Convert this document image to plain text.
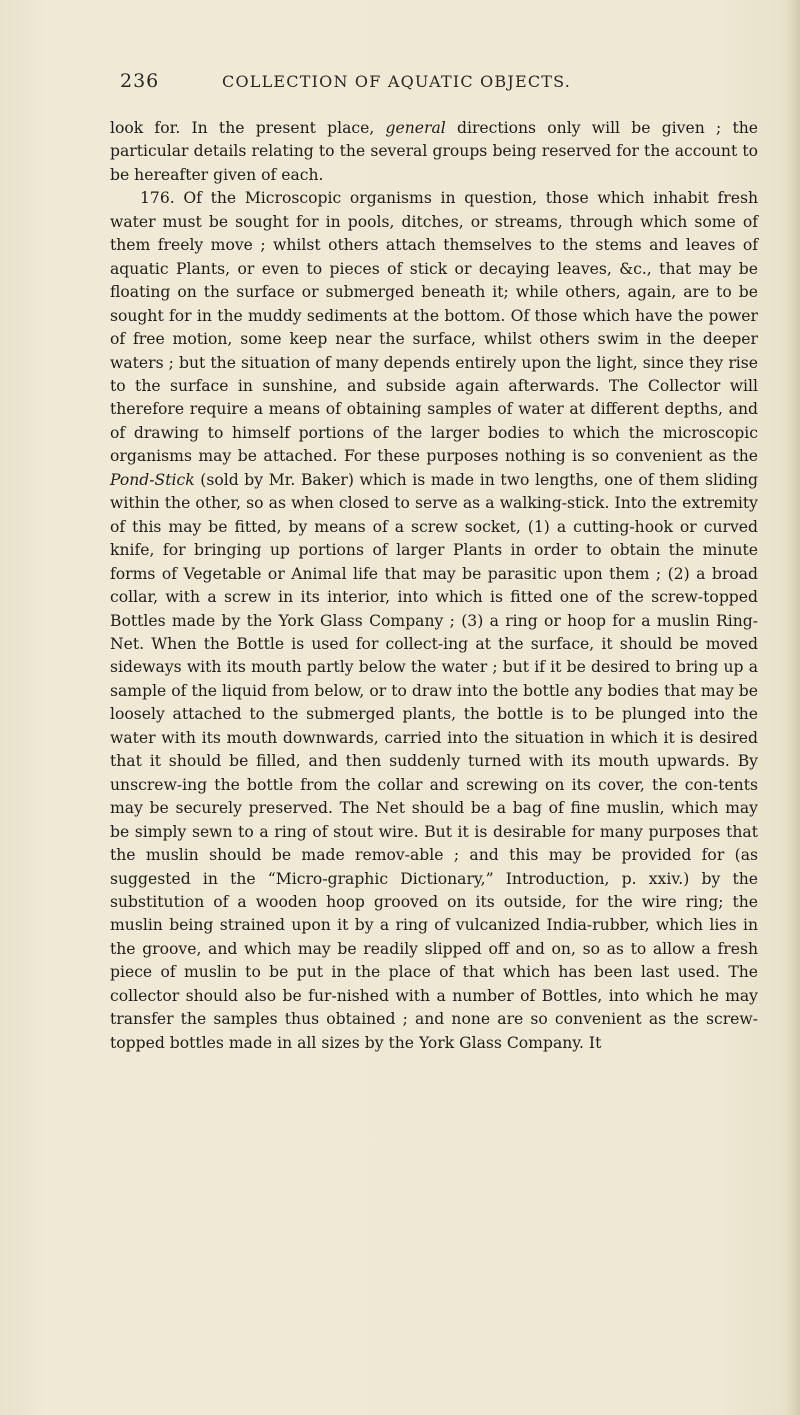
236	COLLECTION OF AQUATIC OBJECTS.

look for. In the present place, general directions only will be given ; the particular details relating to the several groups being reserved for the account to be hereafter given of each.

176. Of the Microscopic organisms in question, those which inhabit fresh water must be sought for in pools, ditches, or streams, through which some of them freely move ; whilst others attach themselves to the stems and leaves of aquatic Plants, or even to pieces of stick or decaying leaves, &c., that may be floating on the surface or submerged beneath it; while others, again, are to be sought for in the muddy sediments at the bottom. Of those which have the power of free motion, some keep near the surface, whilst others swim in the deeper waters ; but the situation of many depends entirely upon the light, since they rise to the surface in sunshine, and subside again afterwards. The Collector will therefore require a means of obtaining samples of water at different depths, and of drawing to himself portions of the larger bodies to which the microscopic organisms may be attached. For these purposes nothing is so convenient as the Pond-Stick (sold by Mr. Baker) which is made in two lengths, one of them sliding within the other, so as when closed to serve as a walking-stick. Into the extremity of this may be fitted, by means of a screw socket, (1) a cutting-hook or curved knife, for bringing up portions of larger Plants in order to obtain the minute forms of Vegetable or Animal life that may be parasitic upon them ; (2) a broad collar, with a screw in its interior, into which is fitted one of the screw-topped Bottles made by the York Glass Company ; (3) a ring or hoop for a muslin Ring-Net. When the Bottle is used for collect-ing at the surface, it should be moved sideways with its mouth partly below the water ; but if it be desired to bring up a sample of the liquid from below, or to draw into the bottle any bodies that may be loosely attached to the submerged plants, the bottle is to be plunged into the water with its mouth downwards, carried into the situation in which it is desired that it should be filled, and then suddenly turned with its mouth upwards. By unscrew-ing the bottle from the collar and screwing on its cover, the con-tents may be securely preserved. The Net should be a bag of fine muslin, which may be simply sewn to a ring of stout wire. But it is desirable for many purposes that the muslin should be made remov-able ; and this may be provided for (as suggested in the “Micro-graphic Dictionary,” Introduction, p. xxiv.) by the substitution of a wooden hoop grooved on its outside, for the wire ring; the muslin being strained upon it by a ring of vulcanized India-rubber, which lies in the groove, and which may be readily slipped off and on, so as to allow a fresh piece of muslin to be put in the place of that which has been last used. The collector should also be fur-nished with a number of Bottles, into which he may transfer the samples thus obtained ; and none are so convenient as the screw-topped bottles made in all sizes by the York Glass Company. It
